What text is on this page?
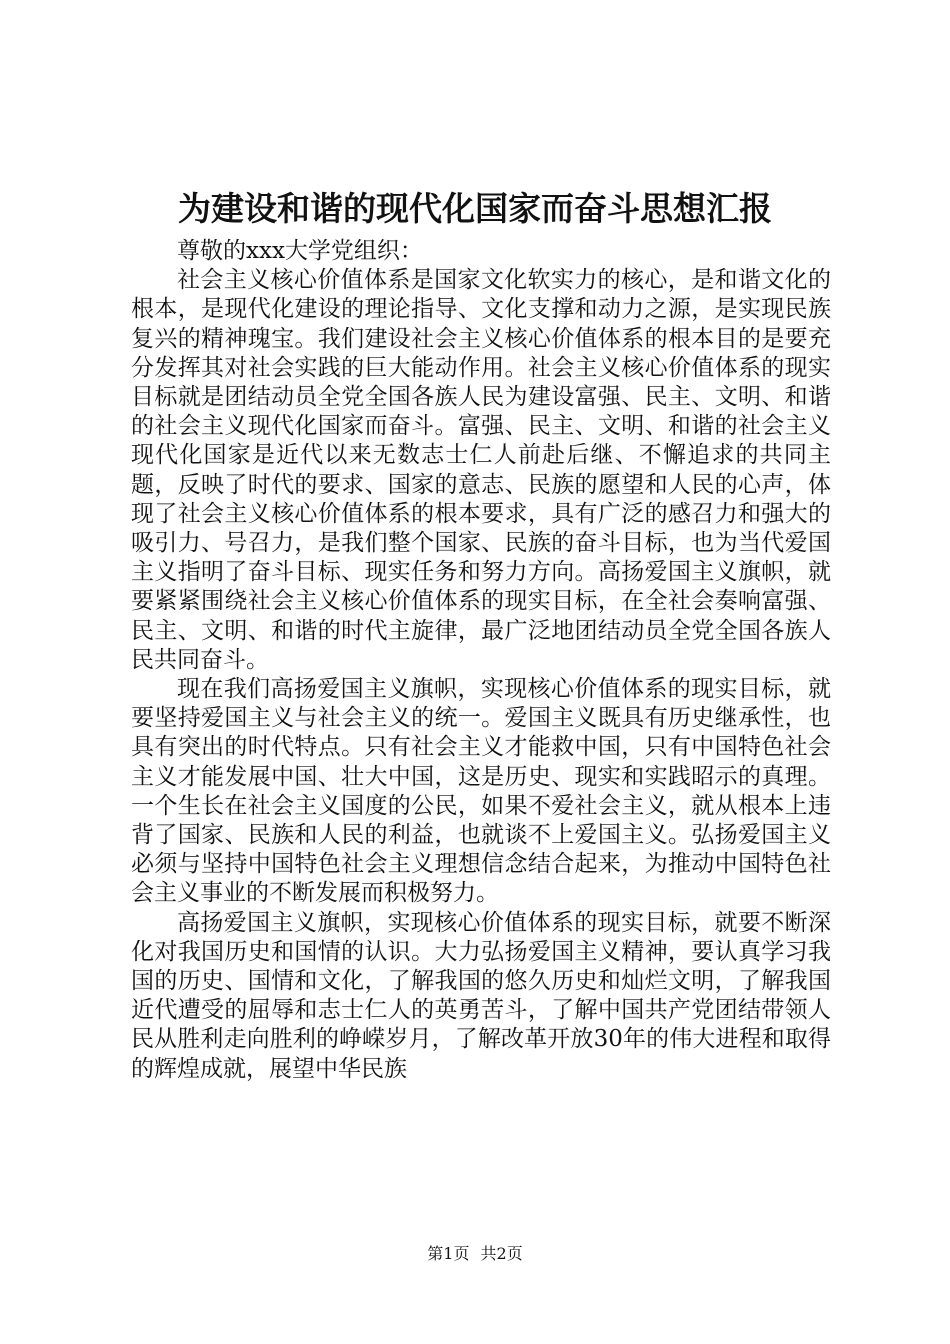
为建设和谐的现代化国家而奋斗思想汇报

尊敬的xxx大学党组织：

社会主义核心价值体系是国家文化软实力的核心，是和谐文化的根本，是现代化建设的理论指导、文化支撑和动力之源，是实现民族复兴的精神瑰宝。我们建设社会主义核心价值体系的根本目的是要充分发挥其对社会实践的巨大能动作用。社会主义核心价值体系的现实目标就是团结动员全党全国各族人民为建设富强、民主、文明、和谐的社会主义现代化国家而奋斗。富强、民主、文明、和谐的社会主义现代化国家是近代以来无数志士仁人前赴后继、不懈追求的共同主题，反映了时代的要求、国家的意志、民族的愿望和人民的心声，体现了社会主义核心价值体系的根本要求，具有广泛的感召力和强大的吸引力、号召力，是我们整个国家、民族的奋斗目标，也为当代爱国主义指明了奋斗目标、现实任务和努力方向。高扬爱国主义旗帜，就要紧紧围绕社会主义核心价值体系的现实目标，在全社会奏响富强、民主、文明、和谐的时代主旋律，最广泛地团结动员全党全国各族人民共同奋斗。

现在我们高扬爱国主义旗帜，实现核心价值体系的现实目标，就要坚持爱国主义与社会主义的统一。爱国主义既具有历史继承性，也具有突出的时代特点。只有社会主义才能救中国，只有中国特色社会主义才能发展中国、壮大中国，这是历史、现实和实践昭示的真理。一个生长在社会主义国度的公民，如果不爱社会主义，就从根本上违背了国家、民族和人民的利益，也就谈不上爱国主义。弘扬爱国主义必须与坚持中国特色社会主义理想信念结合起来，为推动中国特色社会主义事业的不断发展而积极努力。

高扬爱国主义旗帜，实现核心价值体系的现实目标，就要不断深化对我国历史和国情的认识。大力弘扬爱国主义精神，要认真学习我国的历史、国情和文化，了解我国的悠久历史和灿烂文明，了解我国近代遭受的屈辱和志士仁人的英勇苦斗，了解中国共产党团结带领人民从胜利走向胜利的峥嵘岁月，了解改革开放30年的伟大进程和取得的辉煌成就，展望中华民族

第1页 共2页
